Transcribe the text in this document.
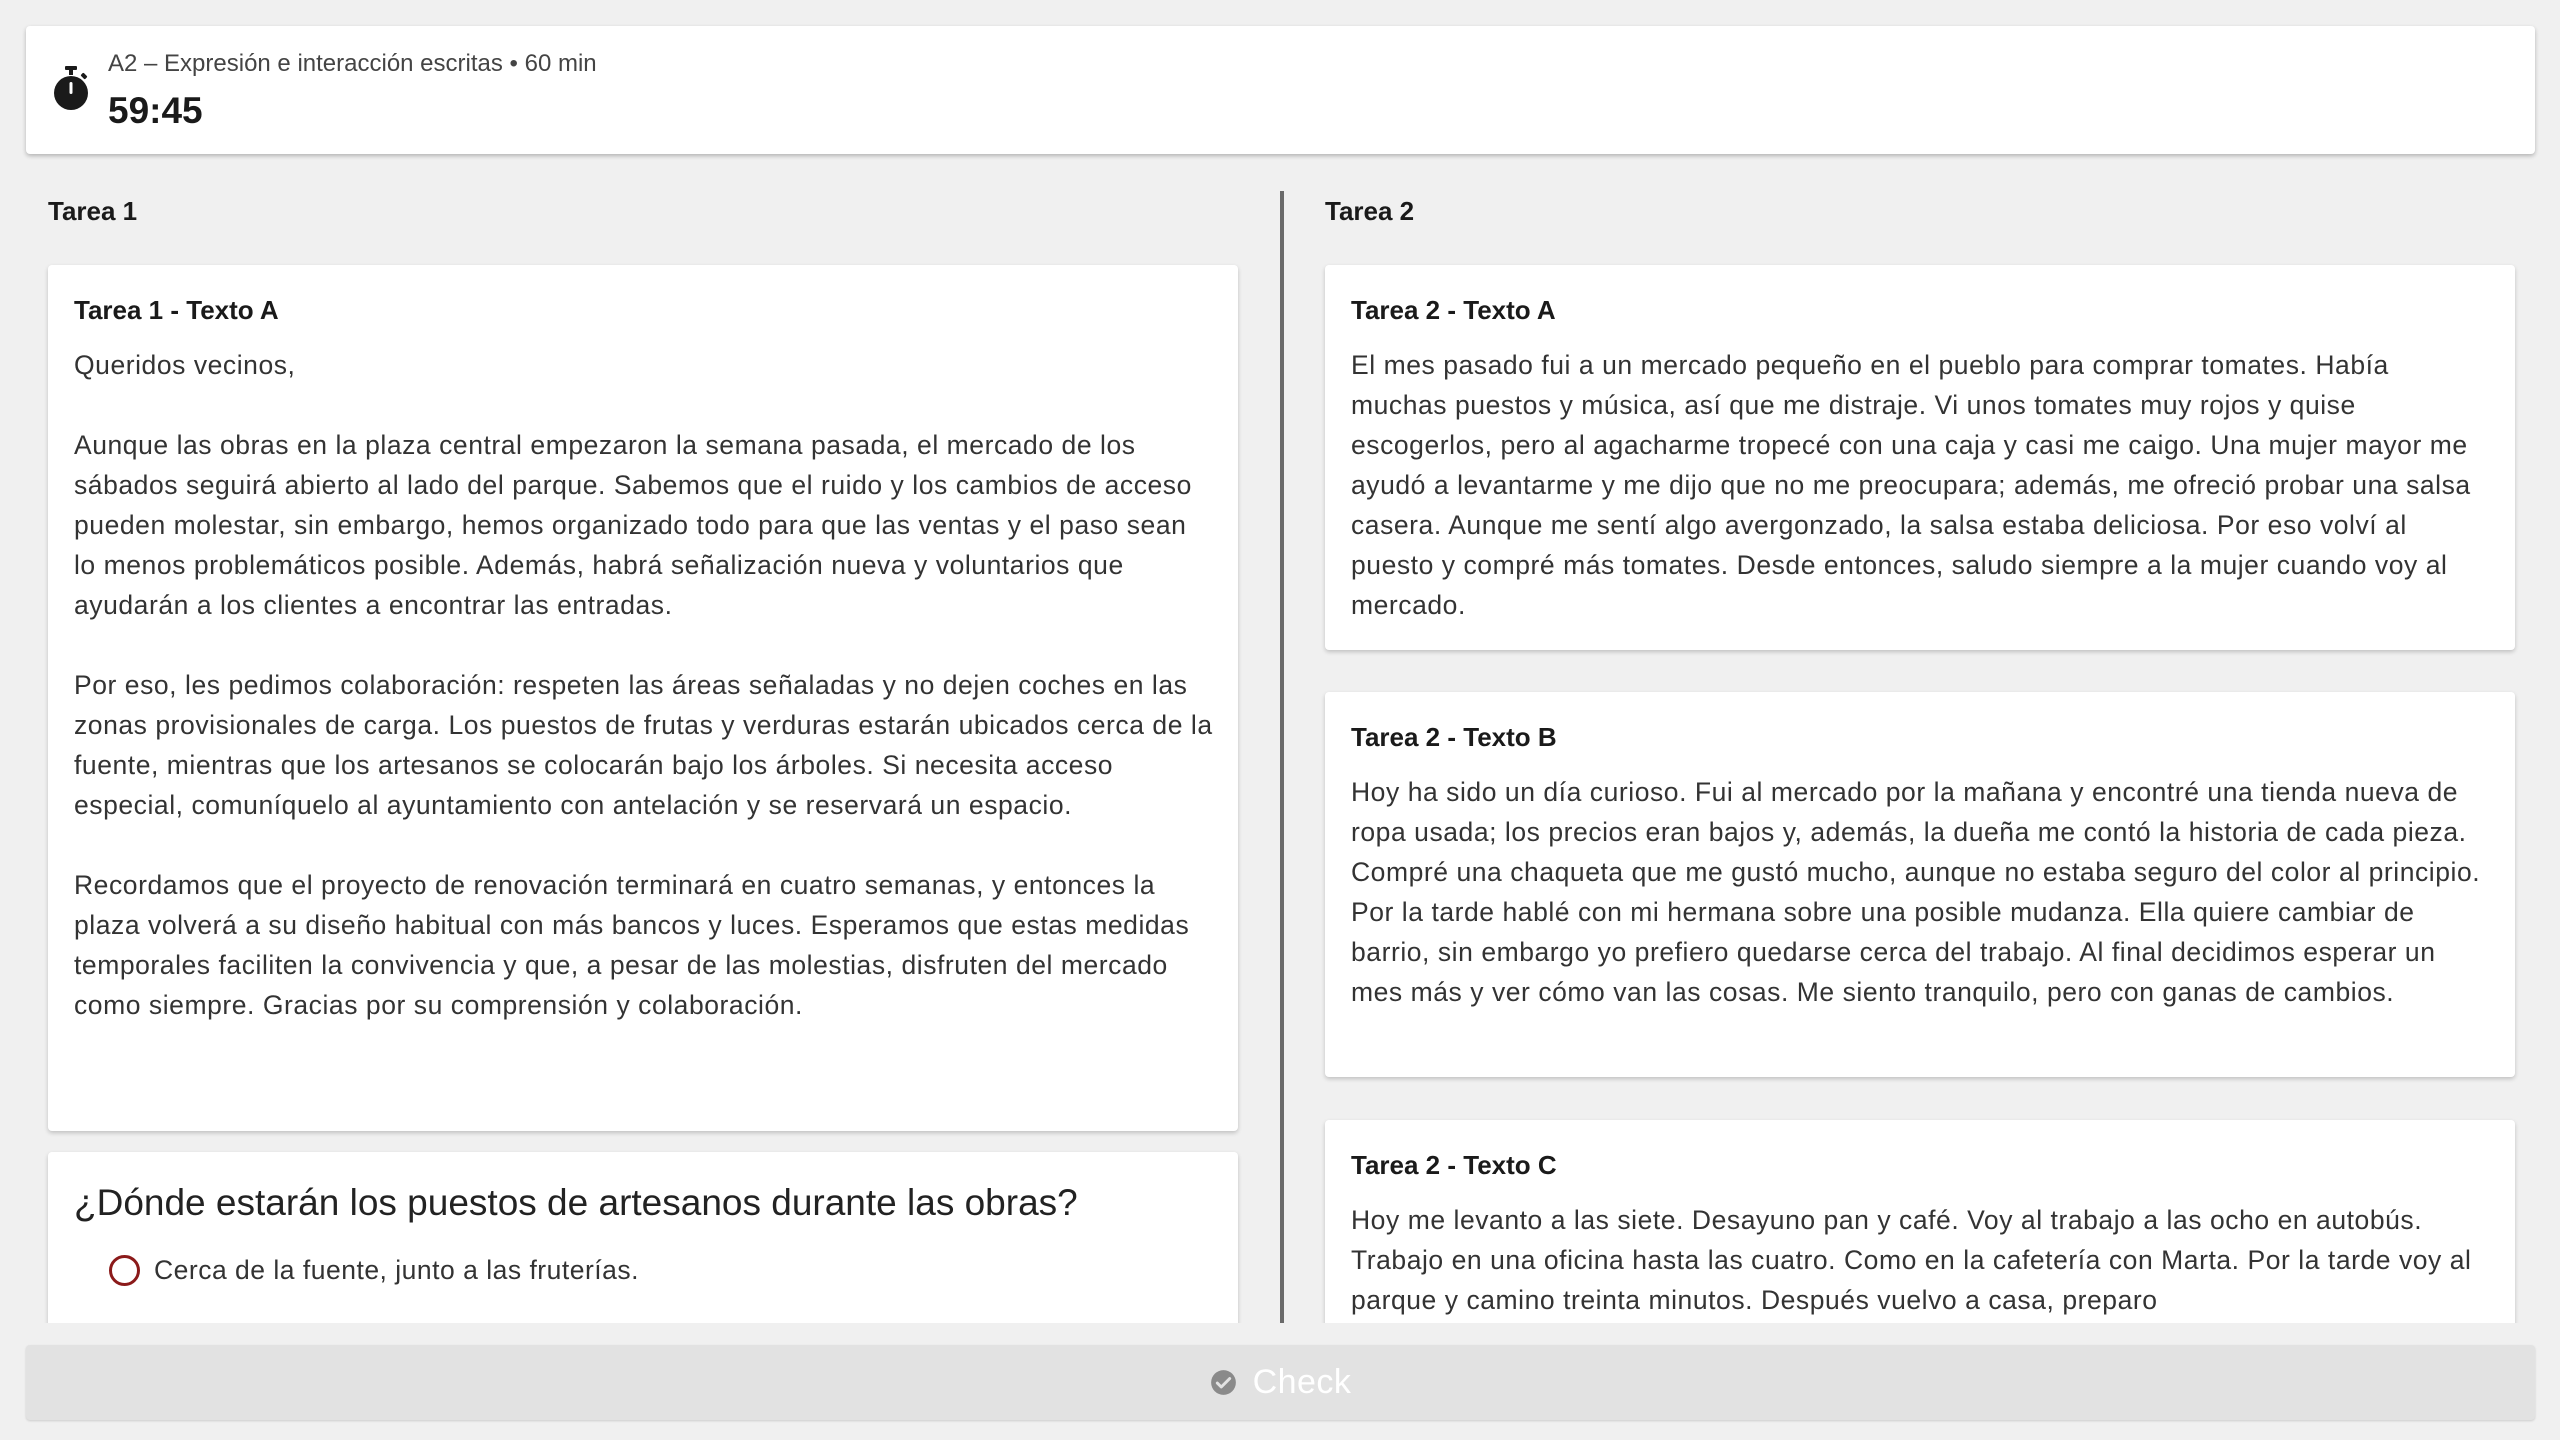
A2 – Expresión e interacción escritas • 60 min
59:45
Tarea 1
Tarea 1 - Texto A

Queridos vecinos,

Aunque las obras en la plaza central empezaron la semana pasada, el mercado de los sábados seguirá abierto al lado del parque. Sabemos que el ruido y los cambios de acceso pueden molestar, sin embargo, hemos organizado todo para que las ventas y el paso sean lo menos problemáticos posible. Además, habrá señalización nueva y voluntarios que ayudarán a los clientes a encontrar las entradas.

Por eso, les pedimos colaboración: respeten las áreas señaladas y no dejen coches en las zonas provisionales de carga. Los puestos de frutas y verduras estarán ubicados cerca de la fuente, mientras que los artesanos se colocarán bajo los árboles. Si necesita acceso especial, comuníquelo al ayuntamiento con antelación y se reservará un espacio.

Recordamos que el proyecto de renovación terminará en cuatro semanas, y entonces la plaza volverá a su diseño habitual con más bancos y luces. Esperamos que estas medidas temporales faciliten la convivencia y que, a pesar de las molestias, disfruten del mercado como siempre. Gracias por su comprensión y colaboración.

¿Dónde estarán los puestos de artesanos durante las obras?
Cerca de la fuente, junto a las fruterías.
Tarea 2
Tarea 2 - Texto A
El mes pasado fui a un mercado pequeño en el pueblo para comprar tomates. Había muchas puestos y música, así que me distraje. Vi unos tomates muy rojos y quise escogerlos, pero al agacharme tropecé con una caja y casi me caigo. Una mujer mayor me ayudó a levantarme y me dijo que no me preocupara; además, me ofreció probar una salsa casera. Aunque me sentí algo avergonzado, la salsa estaba deliciosa. Por eso volví al puesto y compré más tomates. Desde entonces, saludo siempre a la mujer cuando voy al mercado.
Tarea 2 - Texto B
Hoy ha sido un día curioso. Fui al mercado por la mañana y encontré una tienda nueva de ropa usada; los precios eran bajos y, además, la dueña me contó la historia de cada pieza. Compré una chaqueta que me gustó mucho, aunque no estaba seguro del color al principio. Por la tarde hablé con mi hermana sobre una posible mudanza. Ella quiere cambiar de barrio, sin embargo yo prefiero quedarse cerca del trabajo. Al final decidimos esperar un mes más y ver cómo van las cosas. Me siento tranquilo, pero con ganas de cambios.
Tarea 2 - Texto C
Hoy me levanto a las siete. Desayuno pan y café. Voy al trabajo a las ocho en autobús. Trabajo en una oficina hasta las cuatro. Como en la cafetería con Marta. Por la tarde voy al parque y camino treinta minutos. Después vuelvo a casa, preparo
Check
